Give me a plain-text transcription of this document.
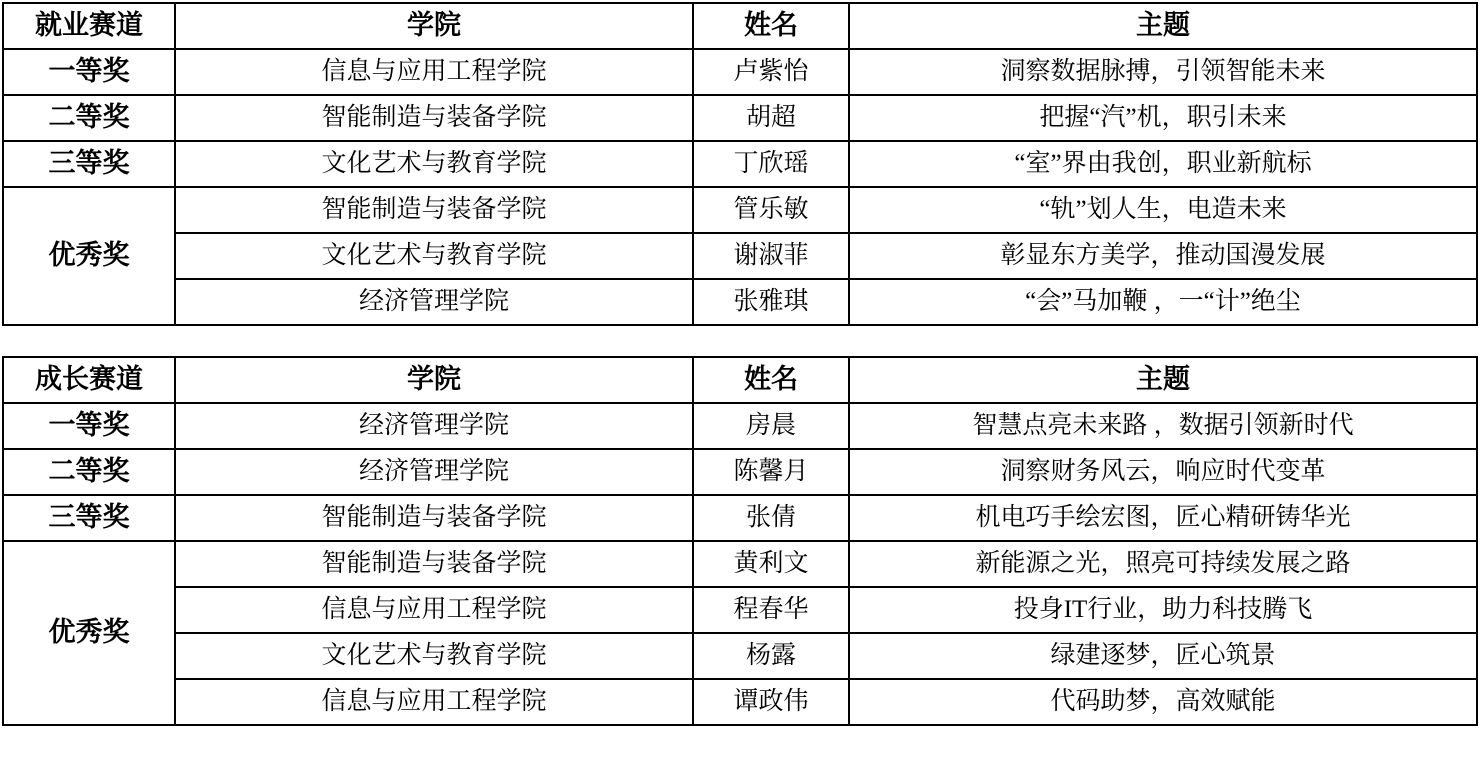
就业赛道	学院	姓名	主题
一等奖	信息与应用工程学院	卢紫怡	洞察数据脉搏，引领智能未来
二等奖	智能制造与装备学院	胡超	把握“汽”机，职引未来
三等奖	文化艺术与教育学院	丁欣瑶	“室”界由我创，职业新航标
优秀奖	智能制造与装备学院	管乐敏	“轨”划人生，电造未来
	文化艺术与教育学院	谢淑菲	彰显东方美学，推动国漫发展
	经济管理学院	张雅琪	“会”马加鞭 ，一“计”绝尘
成长赛道	学院	姓名	主题
一等奖	经济管理学院	房晨	智慧点亮未来路 ，数据引领新时代
二等奖	经济管理学院	陈馨月	洞察财务风云，响应时代变革
三等奖	智能制造与装备学院	张倩	机电巧手绘宏图，匠心精研铸华光
优秀奖	智能制造与装备学院	黄利文	新能源之光，照亮可持续发展之路
	信息与应用工程学院	程春华	投身IT行业，助力科技腾飞
	文化艺术与教育学院	杨露	绿建逐梦，匠心筑景
	信息与应用工程学院	谭政伟	代码助梦，高效赋能
